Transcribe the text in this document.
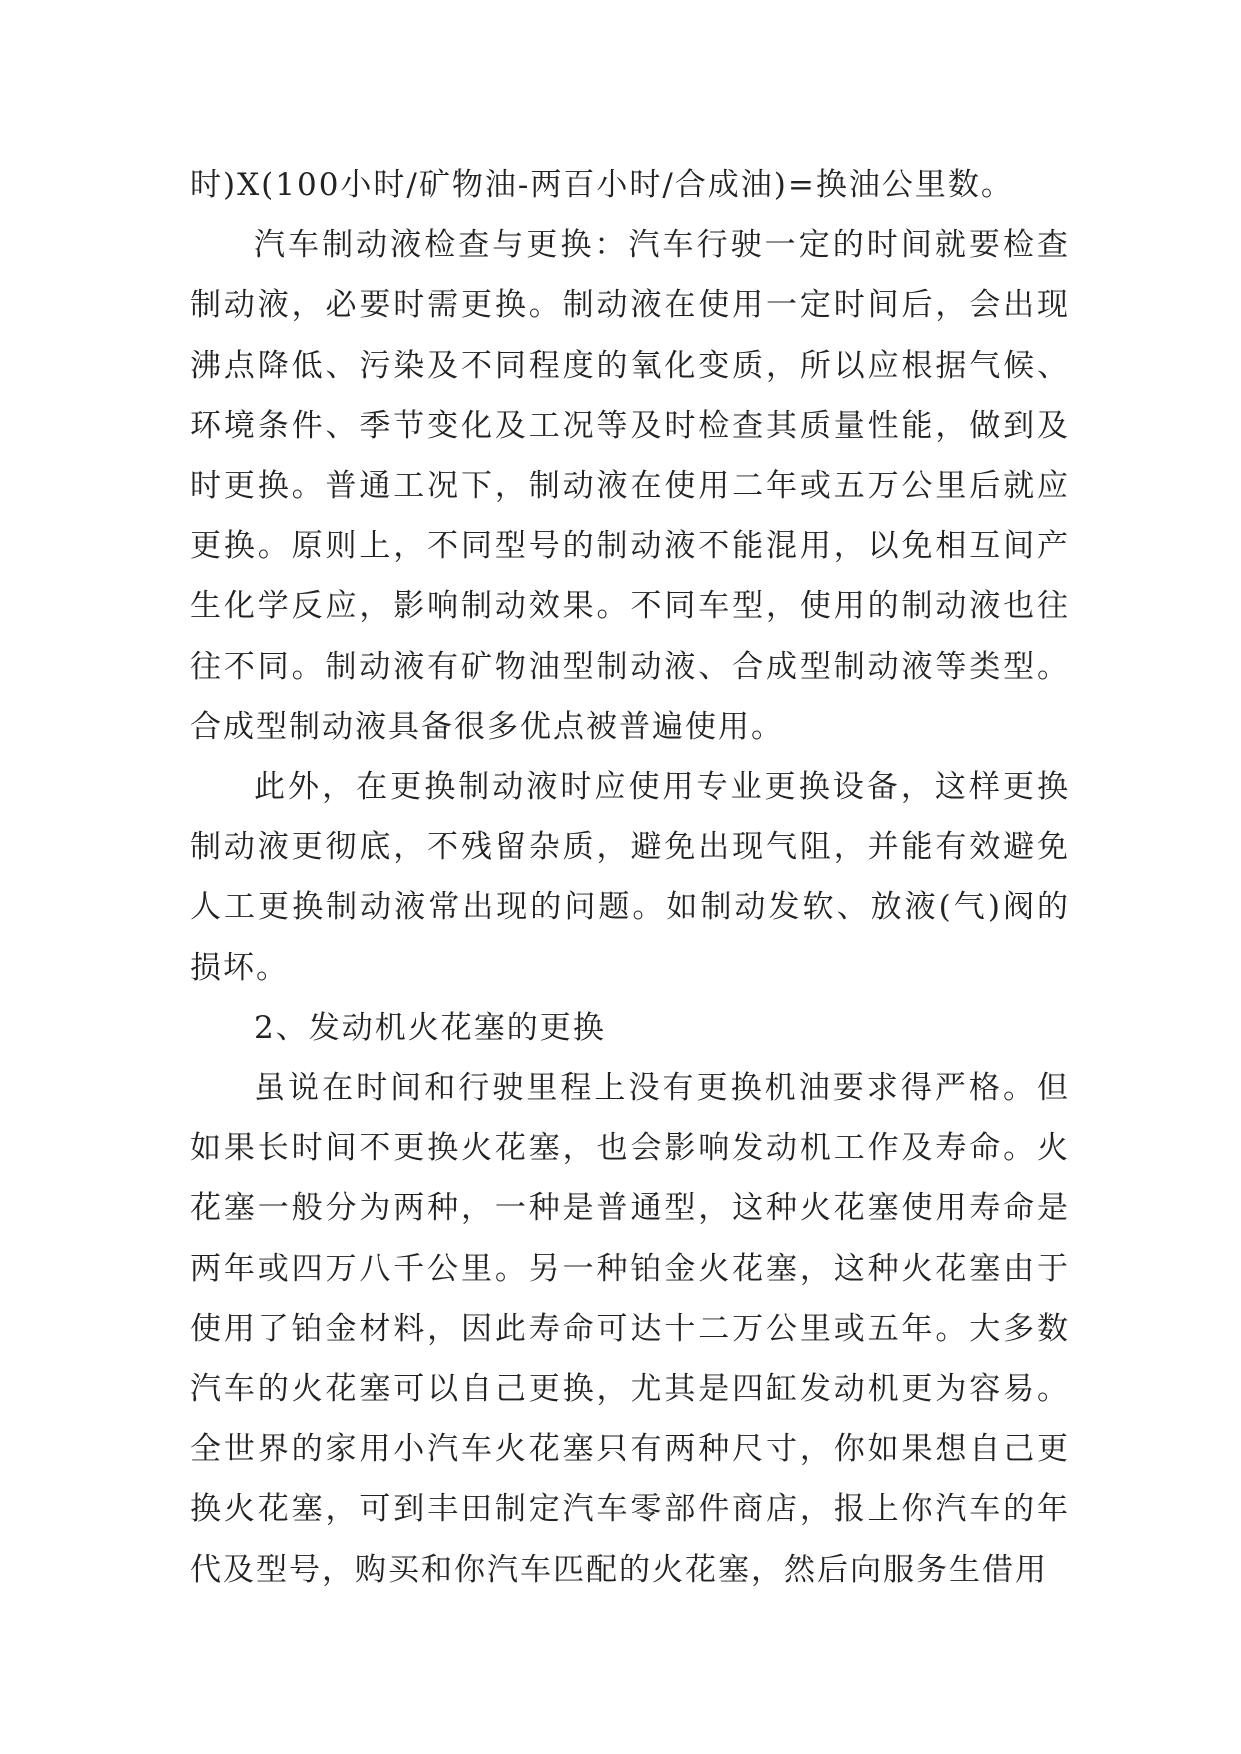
时)X(100小时/矿物油-两百小时/合成油)=换油公里数。

汽车制动液检查与更换：汽车行驶一定的时间就要检查制动液，必要时需更换。制动液在使用一定时间后，会出现沸点降低、污染及不同程度的氧化变质，所以应根据气候、环境条件、季节变化及工况等及时检查其质量性能，做到及时更换。普通工况下，制动液在使用二年或五万公里后就应更换。原则上，不同型号的制动液不能混用，以免相互间产生化学反应，影响制动效果。不同车型，使用的制动液也往往不同。制动液有矿物油型制动液、合成型制动液等类型。合成型制动液具备很多优点被普遍使用。

此外，在更换制动液时应使用专业更换设备，这样更换制动液更彻底，不残留杂质，避免出现气阻，并能有效避免人工更换制动液常出现的问题。如制动发软、放液(气)阀的损坏。

2、发动机火花塞的更换

虽说在时间和行驶里程上没有更换机油要求得严格。但如果长时间不更换火花塞，也会影响发动机工作及寿命。火花塞一般分为两种，一种是普通型，这种火花塞使用寿命是两年或四万八千公里。另一种铂金火花塞，这种火花塞由于使用了铂金材料，因此寿命可达十二万公里或五年。大多数汽车的火花塞可以自己更换，尤其是四缸发动机更为容易。全世界的家用小汽车火花塞只有两种尺寸，你如果想自己更换火花塞，可到丰田制定汽车零部件商店，报上你汽车的年代及型号，购买和你汽车匹配的火花塞，然后向服务生借用
